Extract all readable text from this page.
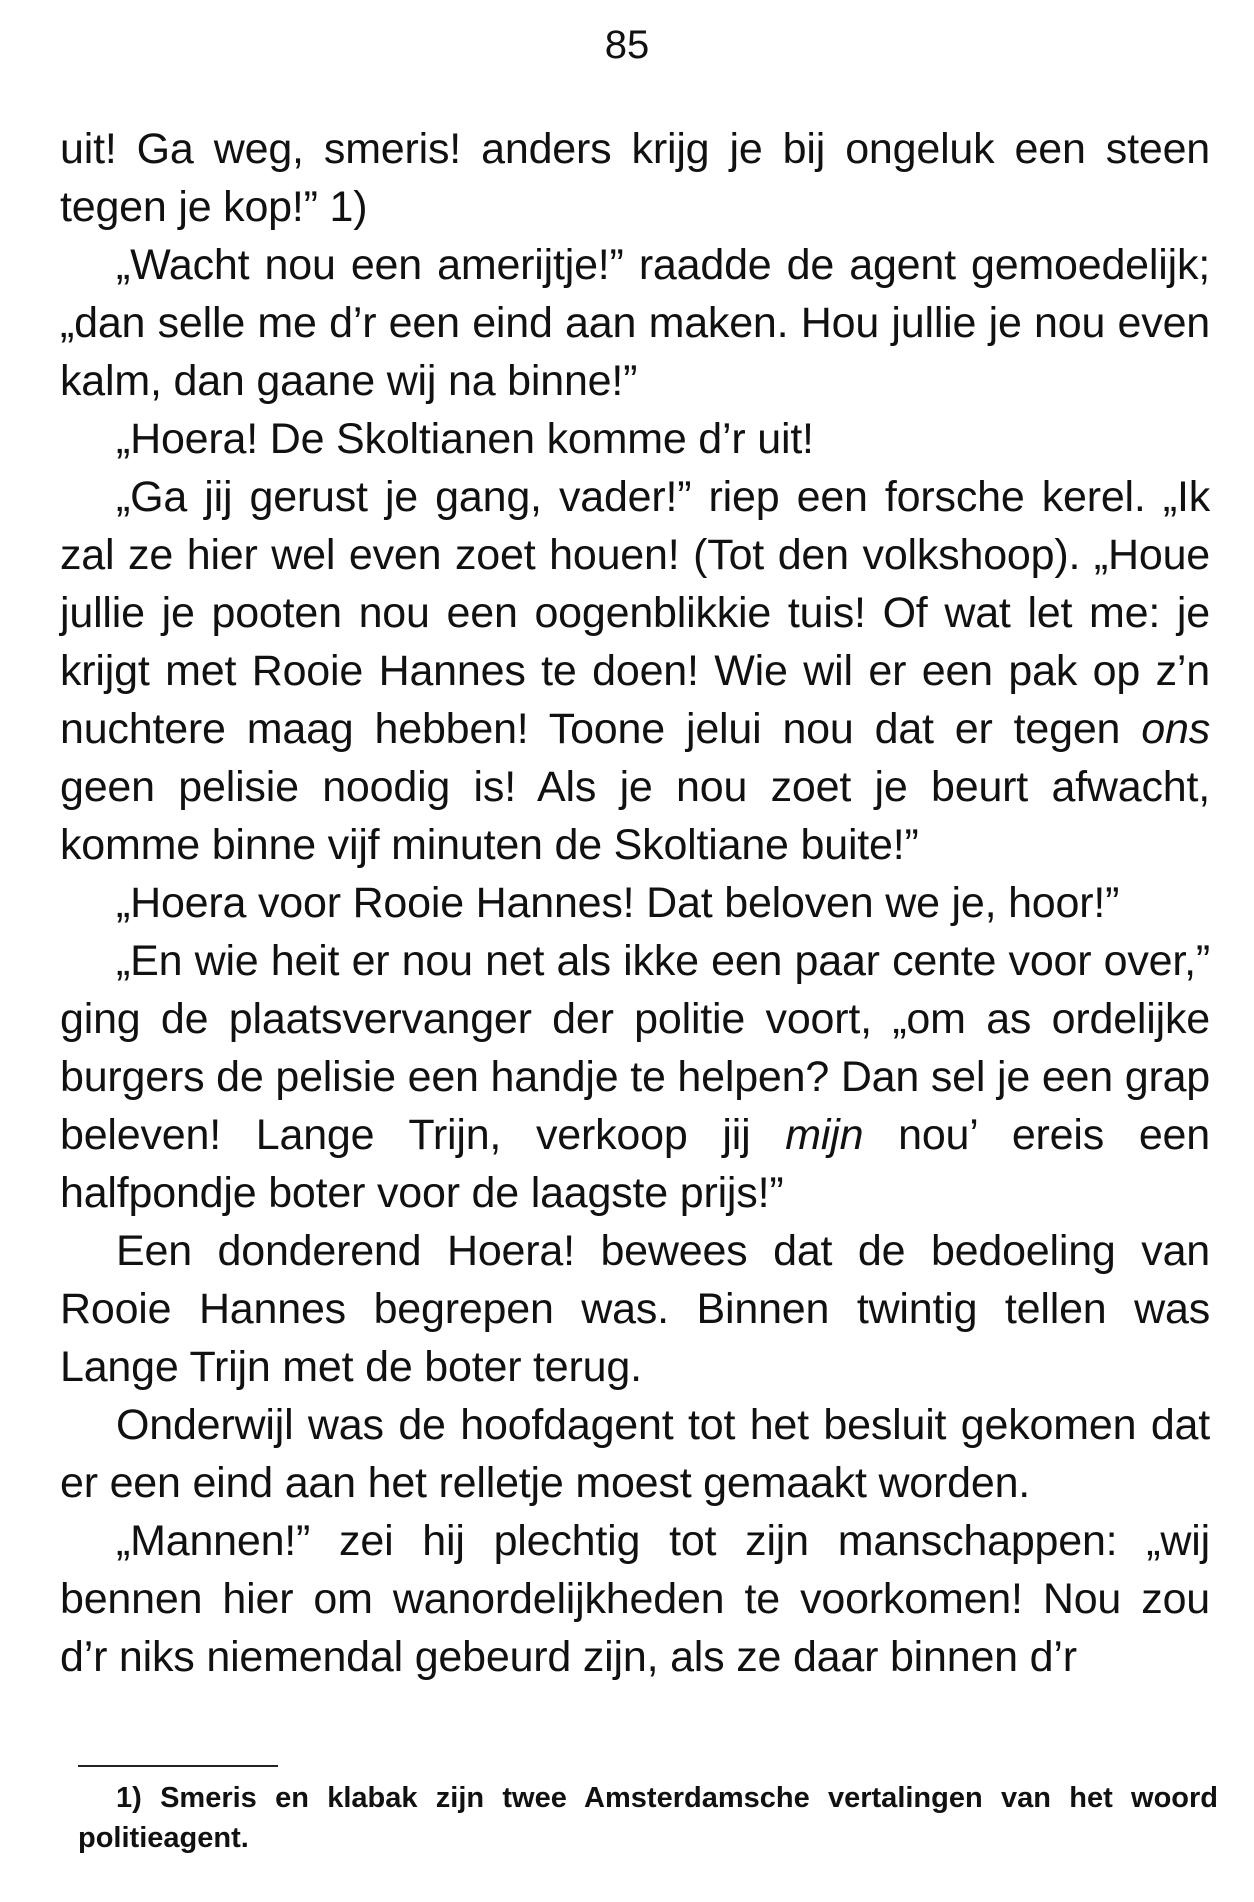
85

uit! Ga weg, smeris! anders krijg je bij ongeluk een steen tegen je kop!” 1)

„Wacht nou een amerijtje!” raadde de agent gemoedelijk; „dan selle me d’r een eind aan maken. Hou jullie je nou even kalm, dan gaane wij na binne!”

„Hoera! De Skoltianen komme d’r uit!

„Ga jij gerust je gang, vader!” riep een forsche kerel. „Ik zal ze hier wel even zoet houen! (Tot den volkshoop). „Houe jullie je pooten nou een oogenblikkie tuis! Of wat let me: je krijgt met Rooie Hannes te doen! Wie wil er een pak op z’n nuchtere maag hebben! Toone jelui nou dat er tegen ons geen pelisie noodig is! Als je nou zoet je beurt afwacht, komme binne vijf minuten de Skoltiane buite!”

„Hoera voor Rooie Hannes! Dat beloven we je, hoor!”

„En wie heit er nou net als ikke een paar cente voor over,” ging de plaatsvervanger der politie voort, „om as ordelijke burgers de pelisie een handje te helpen? Dan sel je een grap beleven! Lange Trijn, verkoop jij mijn nou’ ereis een halfpondje boter voor de laagste prijs!”

Een donderend Hoera! bewees dat de bedoeling van Rooie Hannes begrepen was. Binnen twintig tellen was Lange Trijn met de boter terug.

Onderwijl was de hoofdagent tot het besluit gekomen dat er een eind aan het relletje moest gemaakt worden.

„Mannen!” zei hij plechtig tot zijn manschappen: „wij bennen hier om wanordelijkheden te voorkomen! Nou zou d’r niks niemendal gebeurd zijn, als ze daar binnen d’r

1) Smeris en klabak zijn twee Amsterdamsche vertalingen van het woord politieagent.
